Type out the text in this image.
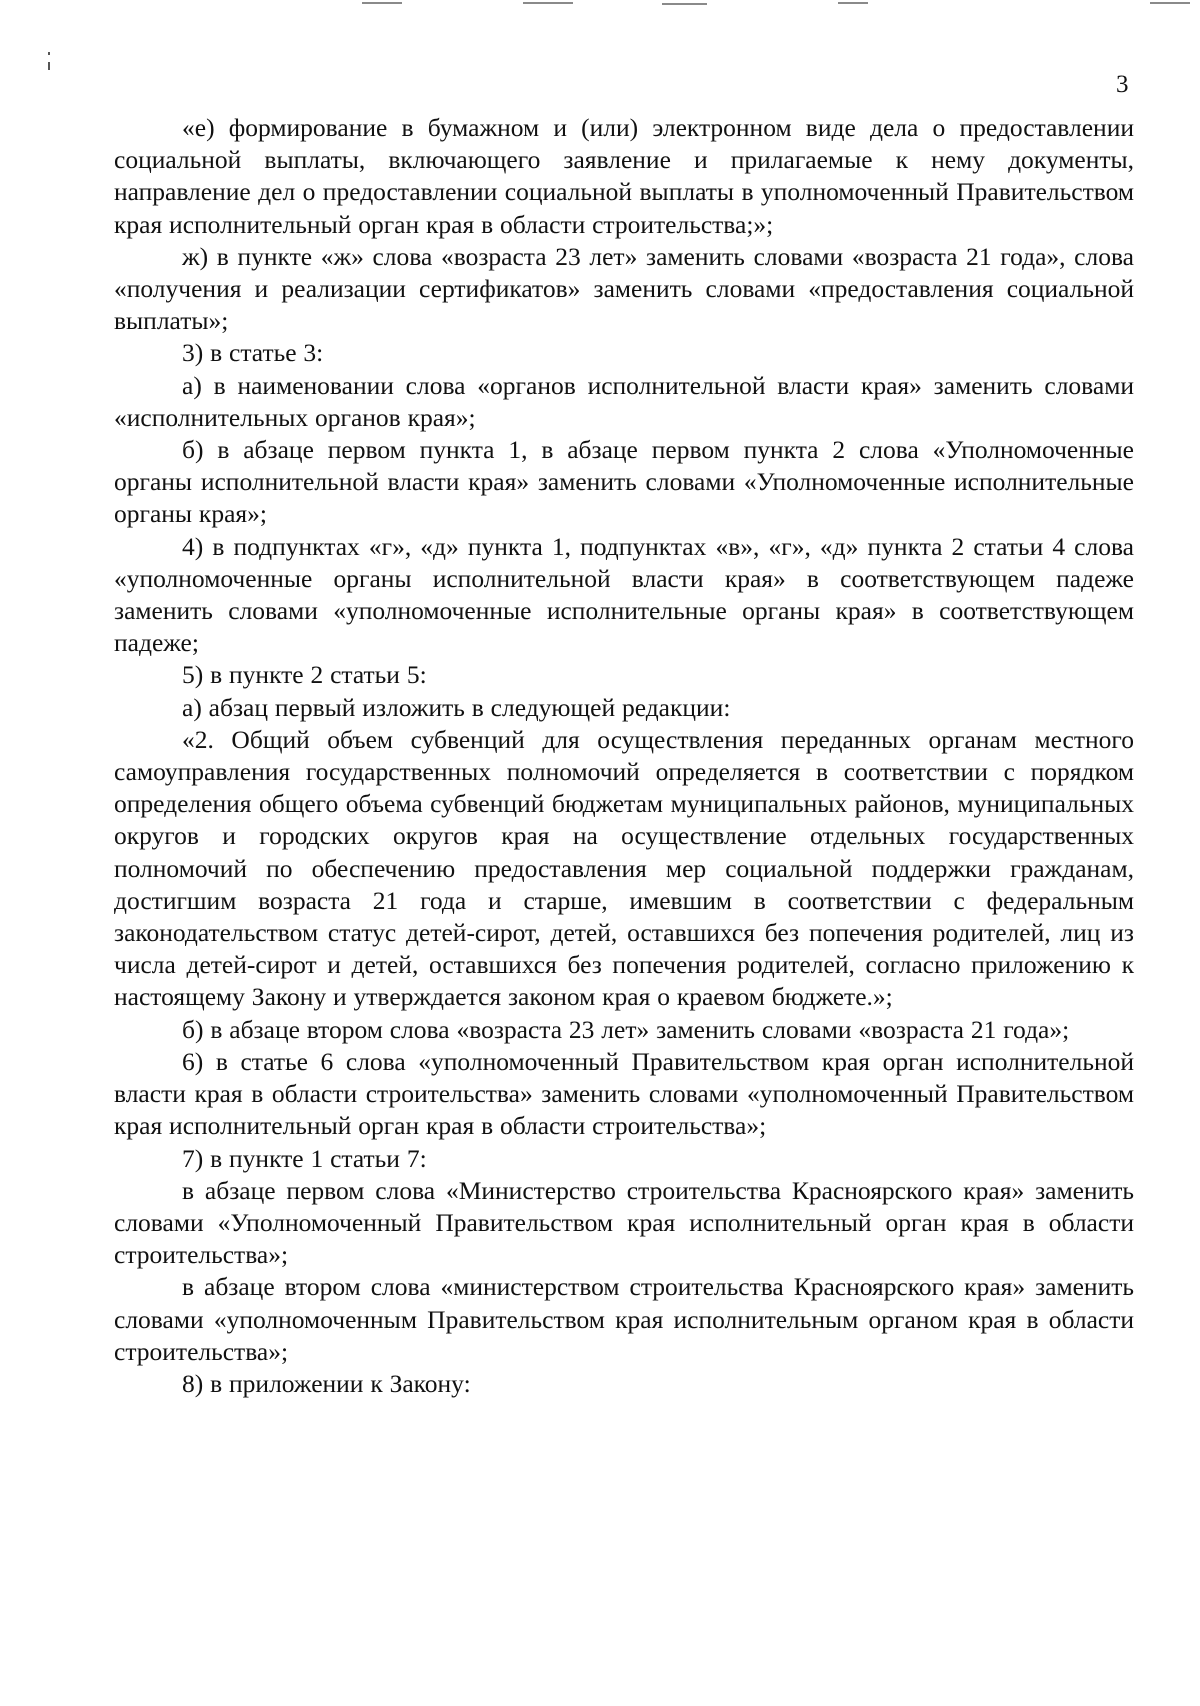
3

«е) формирование в бумажном и (или) электронном виде дела о предоставлении социальной выплаты, включающего заявление и прилагаемые к нему документы, направление дел о предоставлении социальной выплаты в уполномоченный Правительством края исполнительный орган края в области строительства;»;

ж) в пункте «ж» слова «возраста 23 лет» заменить словами «возраста 21 года», слова «получения и реализации сертификатов» заменить словами «предоставления социальной выплаты»;

3) в статье 3:

а) в наименовании слова «органов исполнительной власти края» заменить словами «исполнительных органов края»;

б) в абзаце первом пункта 1, в абзаце первом пункта 2 слова «Уполномоченные органы исполнительной власти края» заменить словами «Уполномоченные исполнительные органы края»;

4) в подпунктах «г», «д» пункта 1, подпунктах «в», «г», «д» пункта 2 статьи 4 слова «уполномоченные органы исполнительной власти края» в соответствующем падеже заменить словами «уполномоченные исполнительные органы края» в соответствующем падеже;

5) в пункте 2 статьи 5:

а) абзац первый изложить в следующей редакции:

«2. Общий объем субвенций для осуществления переданных органам местного самоуправления государственных полномочий определяется в соответствии с порядком определения общего объема субвенций бюджетам муниципальных районов, муниципальных округов и городских округов края на осуществление отдельных государственных полномочий по обеспечению предоставления мер социальной поддержки гражданам, достигшим возраста 21 года и старше, имевшим в соответствии с федеральным законодательством статус детей-сирот, детей, оставшихся без попечения родителей, лиц из числа детей-сирот и детей, оставшихся без попечения родителей, согласно приложению к настоящему Закону и утверждается законом края о краевом бюджете.»;

б) в абзаце втором слова «возраста 23 лет» заменить словами «возраста 21 года»;

6) в статье 6 слова «уполномоченный Правительством края орган исполнительной власти края в области строительства» заменить словами «уполномоченный Правительством края исполнительный орган края в области строительства»;

7) в пункте 1 статьи 7:

в абзаце первом слова «Министерство строительства Красноярского края» заменить словами «Уполномоченный Правительством края исполнительный орган края в области строительства»;

в абзаце втором слова «министерством строительства Красноярского края» заменить словами «уполномоченным Правительством края исполнительным органом края в области строительства»;

8) в приложении к Закону:
